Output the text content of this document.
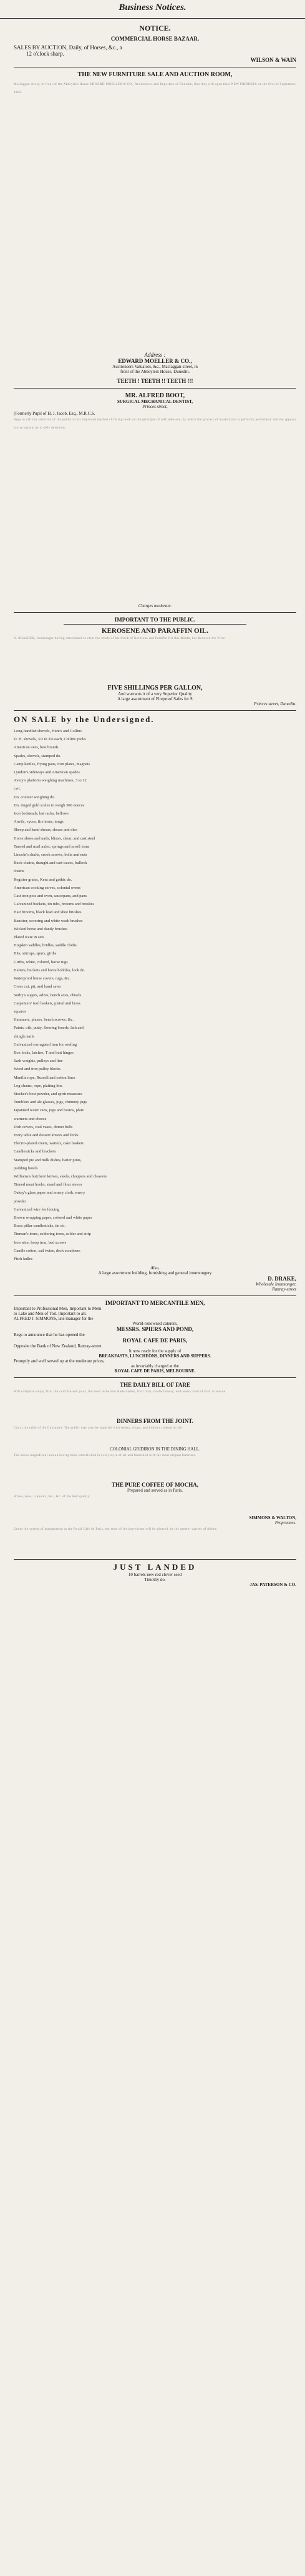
Business Notices.
NOTICE.
COMMERCIAL HORSE BAZAAR.
SALES BY AUCTION, Daily, of Horses, &c., a
12 o'clock sharp.
WILSON & WAIN
THE NEW FURNITURE SALE AND AUCTION ROOM,
Maclaggan-street, in front of the Abbeyleix House EDWARD MOELLER & CO., Auctioneers and Importers of Dunedin, that they will open their NEW PREMISES on the first of September, 1862.
Address :
EDWARD MOELLER & CO.,
Auctioneers Valuators, &c., Maclaggan-street, in
front of the Abbeyleix House, Dunedin.
TEETH ! TEETH !! TEETH !!!
MR. ALFRED BOOT,
SURGICAL MECHANICAL DENTIST,
Princes street,
(Formerly Pupil of H. J. Jacob, Esq., M.R.C.S.
Begs to call the attention of the public to his improved method of fitting teeth on the principle of self adhesion, by which the process of mastication is perfectly performed, and the appearance so natural as to defy detection.
Charges moderate.
IMPORTANT TO THE PUBLIC.
KEROSENE AND PARAFFIN OIL.
D. BRASHER, Ironmonger having determined to clear the whole of his Stock of Kerosene and Paraffin Oil this Month, has Reduced the Price
FIVE SHILLINGS PER GALLON,
And warrants it of a very Superior Quality
A large assortment of Fireproof Safes for S
Princes street, Dunedin.
ON SALE by the Undersigned.
Long-handled shovels, Hunt's and Collins'
D. H. shovels, 3/2 to 3/6 each, Collins' picks
American axes, best brands
Spades, shovels, stamped do.
Camp kettles, frying pans, iron plates, magnets
Lyndon's sideways and American spades
Avery's platform weighing machines, 3 to 12
cwt.
Do. counter weighing do.
Do. ringed gold scales to weigh 300 ounces
Iron bedsteads, hat racks, bellows
Anvils, vyces, fire irons, tongs
Sheep and hand shears, shears and dies
Horse shoes and nails, blister, shear, and cast steel
Turned and mail axles, springs and scroll irons
Lincoln's shafts, crook screws, bolts and nuts
Buck-chains, draught and cart traces, bullock
chains
Register grates, Kent and gothic do.
American cooking stoves, colonial ovens
Cast iron pots and oven, saucepans, and pans
Galvanized buckets, tin tubs, brooms and brushes
Hair brooms, black lead and shoe brushes
Banister, scouring and white wash brushes
Wicked horse and dandy brushes
Plated ware in sets
Hogskin saddles, bridles, saddle cloths
Bits, stirrups, spurs, girths
Girths, white, colored, horse rugs
Halters, buckets and horse hobbles, lock do.
Waterproof horse covers, rugs, &c.
Cross cut, pit, and hand saws
Sorby's augers, adzes, bench axes, chisels
Carpenters' tool baskets, plated and brass
squares
Hammers, planes, bench screws, &c.
Paints, oils, putty, flooring boards, lath and
shingle nails
Galvanized corrugated iron for roofing
Box locks, latches, T and butt hinges
Sash weights, pulleys and line
Wood and iron pulley blocks
Manilla rope, Russell and cotton lines
Log chains, rope, plaiting line
Stocker's best powder, and spirit measures
Tumblers and ale glasses, jugs, chimney jugs
Japanned water cans, jugs and basins, plate
warmers and cheese
Dish covers, coal vases, dinner bells
Ivory table and dessert knives and forks
Electro-plated cruets, waiters, cake baskets
Candlesticks and brackets
Stamped pie and milk dishes, batter pints,
pudding bowls
Williams's butchers' knives, steels, choppers and cleavers
Tinned meat hooks, stand and flour sieves
Oakey's glass paper and emery cloth, emery
powder
Galvanized wire for fencing
Brown wrapping paper, colored and white paper
Brass pillar candlesticks, tin do.
Tinman's irons, soldering irons, solder and strip
Iron wire, hoop iron, bed screws
Candle cotton, sail twine, deck scrubbers
Pitch ladles
Also,
A large assortment building, furnishing and general ironmongery
D. DRAKE,
Wholesale Ironmonger,
Rattray-street
IMPORTANT TO MERCANTILE MEN,
Important to Professional Men, Important to Mem
to Lake and Men of Toil. Important to all.
ALFRED J. SIMMONS, late manager for the
World-renowned caterers,
MESSRS. SPIERS AND POND,
Begs to announce that he has opened the
ROYAL CAFE DE PARIS,
Opposite the Bank of New Zealand, Rattray-street
It now ready for the supply of
BREAKFASTS, LUNCHEONS, DINNERS AND SUPPERS.
Promptly and well served up at the moderate prices,
as invariably charged at the
ROYAL CAFE DE PARIS, MELBOURNE.
THE DAILY BILL OF FARE
Will comprise soups, fish, the cold dressed joint, the most recherché made dishes, fruit tarts, confectionery, with every kind of fruit in season.
DINNERS FROM THE JOINT.
Cut at the table of the Consumer. The public may also be supplied with steaks, chops, and kidneys cooked on the
COLONIAL GRIDIRON IN THE DINING HALL.
The above magnificent saloon having been embellished in every style of art and furnished with the most elegant furniture.
THE PURE COFFEE OF MOCHA,
Prepared and served as in Paris.
Wines, Ales, Liqueurs, &c., &c. of the best quality.
SIMMONS & WALTON,
Proprietors.
Under the system of management at the Royal Cafe de Paris, the taste of the bon-vivant will be pleased, by the greater variety of dishes.
JUST LANDED
10 barrels new red clover seed
Timothy do.
JAS. PATERSON & CO.
